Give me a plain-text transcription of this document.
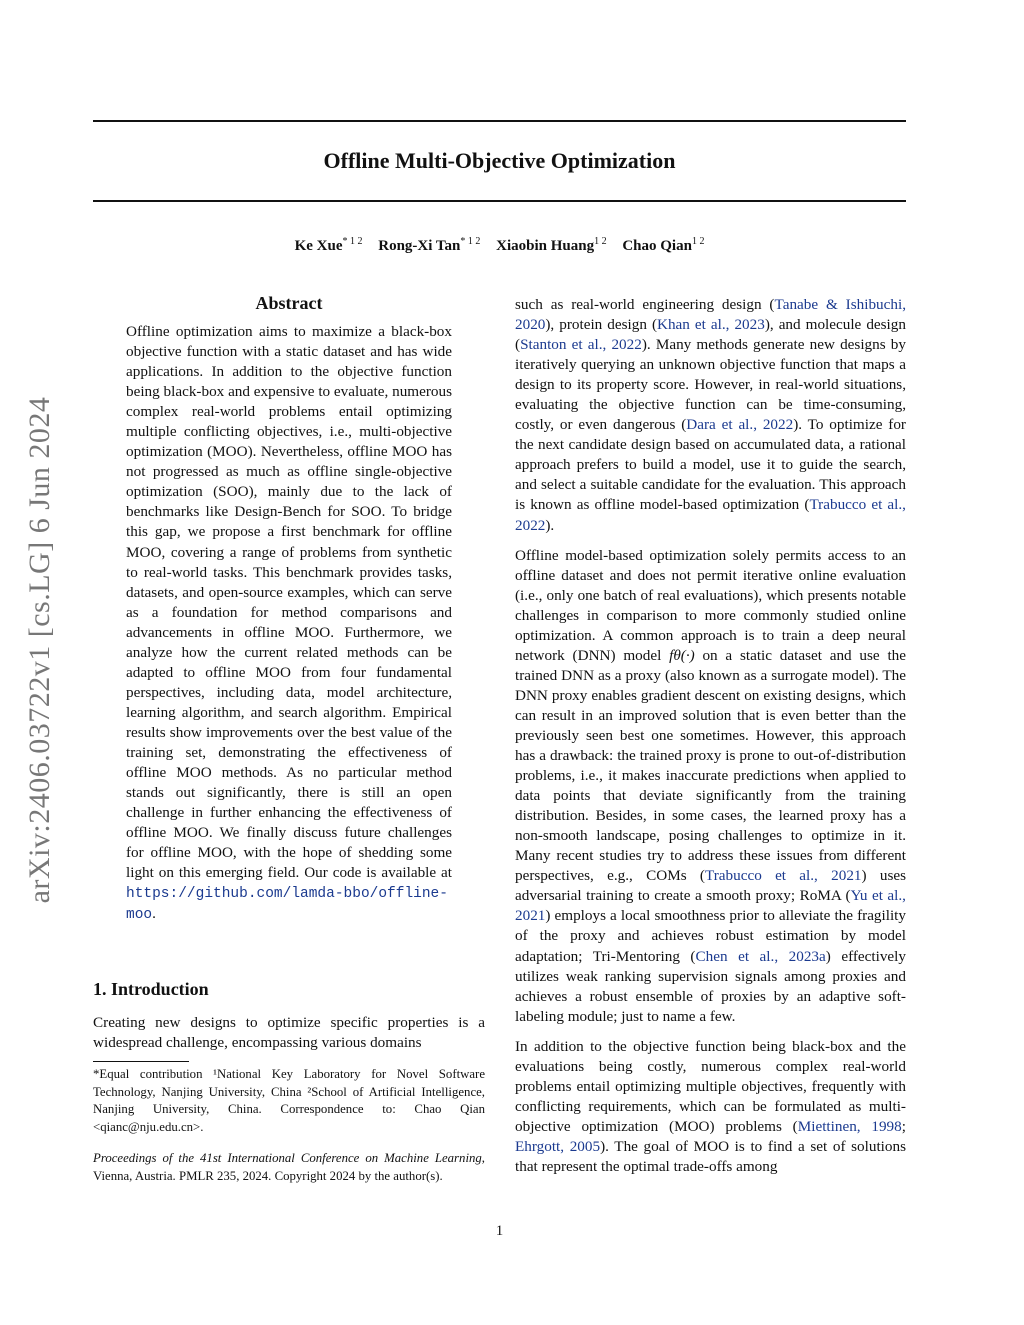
Offline Multi-Objective Optimization
Ke Xue$^{* 1 2}$ Rong-Xi Tan$^{* 1 2}$ Xiaobin Huang$^{1 2}$ Chao Qian$^{1 2}$
arXiv:2406.03722v1 [cs.LG] 6 Jun 2024
Abstract
Offline optimization aims to maximize a black-box objective function with a static dataset and has wide applications. In addition to the objective function being black-box and expensive to evaluate, numerous complex real-world problems entail optimizing multiple conflicting objectives, i.e., multi-objective optimization (MOO). Nevertheless, offline MOO has not progressed as much as offline single-objective optimization (SOO), mainly due to the lack of benchmarks like Design-Bench for SOO. To bridge this gap, we propose a first benchmark for offline MOO, covering a range of problems from synthetic to real-world tasks. This benchmark provides tasks, datasets, and open-source examples, which can serve as a foundation for method comparisons and advancements in offline MOO. Furthermore, we analyze how the current related methods can be adapted to offline MOO from four fundamental perspectives, including data, model architecture, learning algorithm, and search algorithm. Empirical results show improvements over the best value of the training set, demonstrating the effectiveness of offline MOO methods. As no particular method stands out significantly, there is still an open challenge in further enhancing the effectiveness of offline MOO. We finally discuss future challenges for offline MOO, with the hope of shedding some light on this emerging field. Our code is available at https://github.com/lamda-bbo/offline-moo.
1. Introduction

Creating new designs to optimize specific properties is a widespread challenge, encompassing various domains

*Equal contribution ¹National Key Laboratory for Novel Software Technology, Nanjing University, China ²School of Artificial Intelligence, Nanjing University, China. Correspondence to: Chao Qian <qianc@nju.edu.cn>.

Proceedings of the 41st International Conference on Machine Learning, Vienna, Austria. PMLR 235, 2024. Copyright 2024 by the author(s).

such as real-world engineering design (Tanabe & Ishibuchi, 2020), protein design (Khan et al., 2023), and molecule design (Stanton et al., 2022). Many methods generate new designs by iteratively querying an unknown objective function that maps a design to its property score. However, in real-world situations, evaluating the objective function can be time-consuming, costly, or even dangerous (Dara et al., 2022). To optimize for the next candidate design based on accumulated data, a rational approach prefers to build a model, use it to guide the search, and select a suitable candidate for the evaluation. This approach is known as offline model-based optimization (Trabucco et al., 2022).

Offline model-based optimization solely permits access to an offline dataset and does not permit iterative online evaluation (i.e., only one batch of real evaluations), which presents notable challenges in comparison to more commonly studied online optimization. A common approach is to train a deep neural network (DNN) model fθ(·) on a static dataset and use the trained DNN as a proxy (also known as a surrogate model). The DNN proxy enables gradient descent on existing designs, which can result in an improved solution that is even better than the previously seen best one sometimes. However, this approach has a drawback: the trained proxy is prone to out-of-distribution problems, i.e., it makes inaccurate predictions when applied to data points that deviate significantly from the training distribution. Besides, in some cases, the learned proxy has a non-smooth landscape, posing challenges to optimize in it. Many recent studies try to address these issues from different perspectives, e.g., COMs (Trabucco et al., 2021) uses adversarial training to create a smooth proxy; RoMA (Yu et al., 2021) employs a local smoothness prior to alleviate the fragility of the proxy and achieves robust estimation by model adaptation; Tri-Mentoring (Chen et al., 2023a) effectively utilizes weak ranking supervision signals among proxies and achieves a robust ensemble of proxies by an adaptive soft-labeling module; just to name a few.

In addition to the objective function being black-box and the evaluations being costly, numerous complex real-world problems entail optimizing multiple objectives, frequently with conflicting requirements, which can be formulated as multi-objective optimization (MOO) problems (Miettinen, 1998; Ehrgott, 2005). The goal of MOO is to find a set of solutions that represent the optimal trade-offs among

1
